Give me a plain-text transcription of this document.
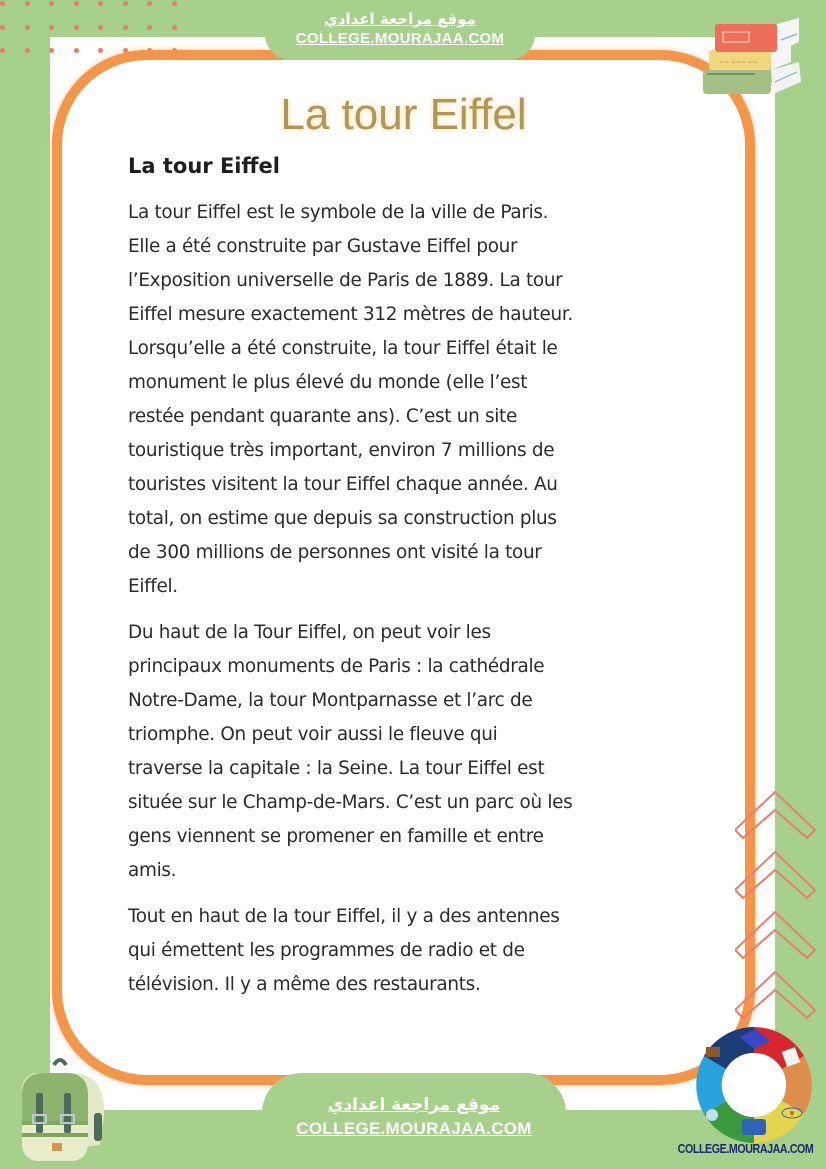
La tour Eiffel
La tour Eiffel
La tour Eiffel est le symbole de la ville de Paris.
Elle a été construite par Gustave Eiffel pour
l’Exposition universelle de Paris de 1889. La tour
Eiffel mesure exactement 312 mètres de hauteur.
Lorsqu’elle a été construite, la tour Eiffel était le
monument le plus élevé du monde (elle l’est
restée pendant quarante ans). C’est un site
touristique très important, environ 7 millions de
touristes visitent la tour Eiffel chaque année. Au
total, on estime que depuis sa construction plus
de 300 millions de personnes ont visité la tour
Eiffel.
Du haut de la Tour Eiffel, on peut voir les
principaux monuments de Paris : la cathédrale
Notre-Dame, la tour Montparnasse et l’arc de
triomphe. On peut voir aussi le fleuve qui
traverse la capitale : la Seine. La tour Eiffel est
située sur le Champ-de-Mars. C’est un parc où les
gens viennent se promener en famille et entre
amis.
Tout en haut de la tour Eiffel, il y a des antennes
qui émettent les programmes de radio et de
télévision. Il y a même des restaurants.
موقع مراجعة اعدادي
COLLEGE.MOURAJAA.COM
~~ ~~~ ~~
موقع مراجعة اعدادي
COLLEGE.MOURAJAA.COM
COLLEGE.MOURAJAA.COM
